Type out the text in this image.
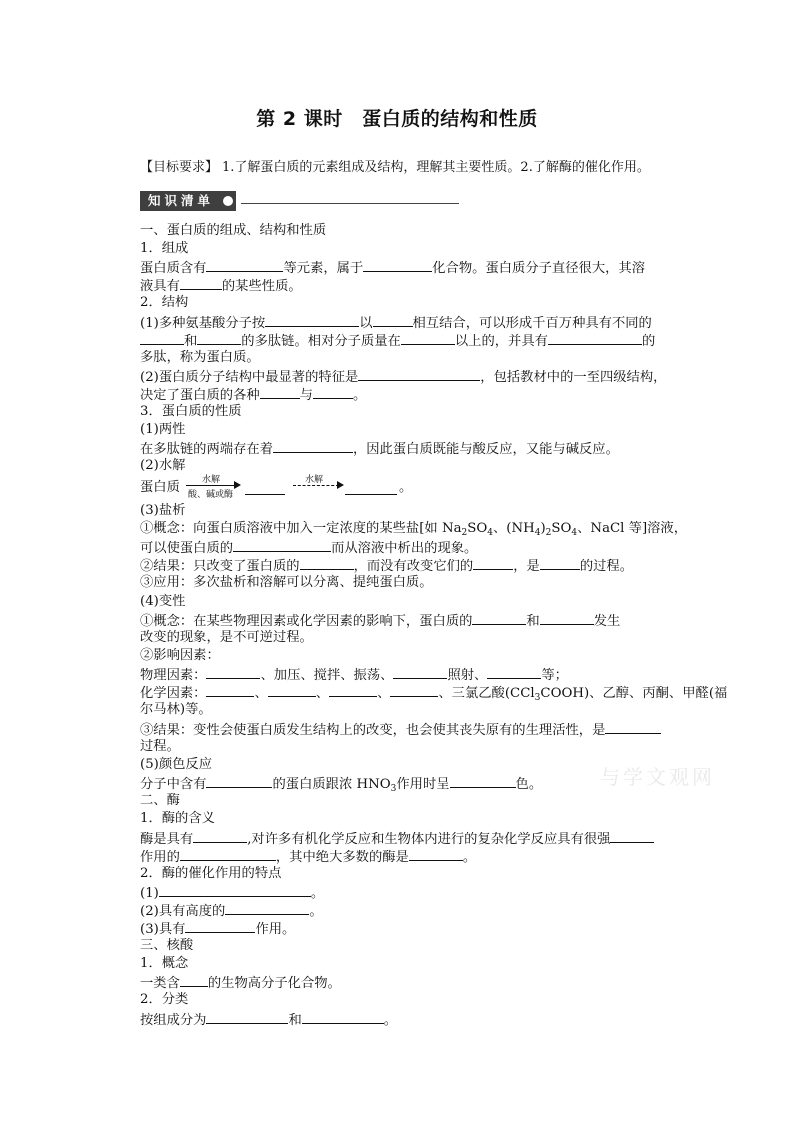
第 2 课时　蛋白质的结构和性质
【目标要求】 1.了解蛋白质的元素组成及结构，理解其主要性质。2.了解酶的催化作用。
知识清单
一、蛋白质的组成、结构和性质
1．组成
蛋白质含有	等元素，属于	化合物。蛋白质分子直径很大，其溶
液具有	的某些性质。
2．结构
(1)多种氨基酸分子按	以	相互结合，可以形成千百万种具有不同的
和	的多肽链。相对分子质量在	以上的，并具有	的
多肽，称为蛋白质。
(2)蛋白质分子结构中最显著的特征是	，包括教材中的一至四级结构，
决定了蛋白质的各种	与	。
3．蛋白质的性质
(1)两性
在多肽链的两端存在着	，因此蛋白质既能与酸反应，又能与碱反应。
(2)水解
蛋白质 水解
酸、碱或酶
水解	。
(3)盐析
①概念：向蛋白质溶液中加入一定浓度的某些盐[如 $Na_2SO_4$、$(NH_4)_2SO_4$、NaCl 等]溶液，
可以使蛋白质的	而从溶液中析出的现象。
②结果：只改变了蛋白质的	，而没有改变它们的	，是	的过程。
③应用：多次盐析和溶解可以分离、提纯蛋白质。
(4)变性
①概念：在某些物理因素或化学因素的影响下，蛋白质的	和	发生
改变的现象，是不可逆过程。
②影响因素：
物理因素：	、加压、搅拌、振荡、	照射、	等；
化学因素：	、	、	、	、三氯乙酸(CCl$_3$COOH)、乙醇、丙酮、甲醛(福
尔马林)等。
③结果：变性会使蛋白质发生结构上的改变，也会使其丧失原有的生理活性，是
过程。
(5)颜色反应
分子中含有	的蛋白质跟浓 $HNO_3$作用时呈	色。
二、酶
1．酶的含义
酶是具有	,对许多有机化学反应和生物体内进行的复杂化学反应具有很强
作用的	，其中绝大多数的酶是	。
2．酶的催化作用的特点
(1)	。
(2)具有高度的	。
(3)具有	作用。
三、核酸
1．概念
一类含 的生物高分子化合物。
2．分类
按组成分为	和	。
与学文观网
